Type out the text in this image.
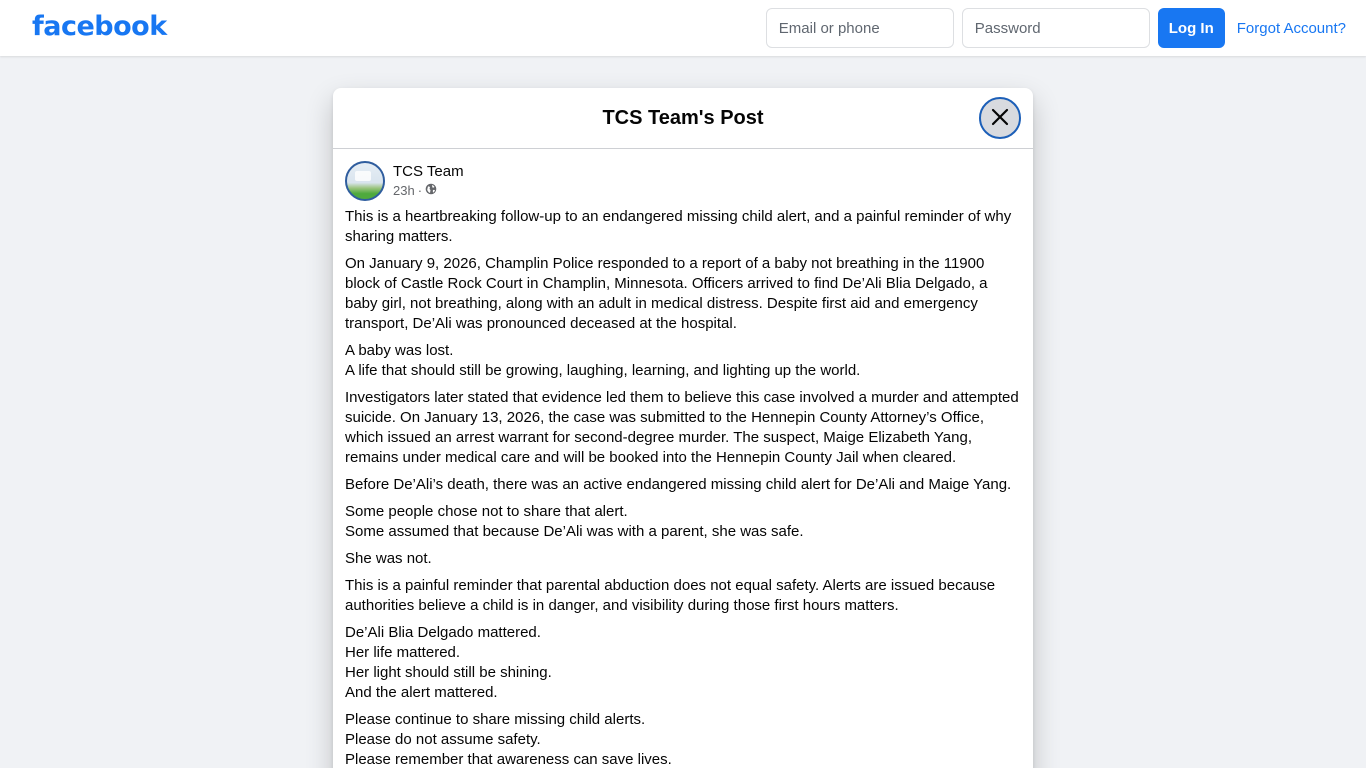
facebook
Email or phone	Log In	Forgot Account?
TCS Team's Post
TCS Team
23h ·

This is a heartbreaking follow-up to an endangered missing child alert, and a painful reminder of why sharing matters.

On January 9, 2026, Champlin Police responded to a report of a baby not breathing in the 11900 block of Castle Rock Court in Champlin, Minnesota. Officers arrived to find De’Ali Blia Delgado, a baby girl, not breathing, along with an adult in medical distress. Despite first aid and emergency transport, De’Ali was pronounced deceased at the hospital.

A baby was lost.
A life that should still be growing, laughing, learning, and lighting up the world.

Investigators later stated that evidence led them to believe this case involved a murder and attempted suicide. On January 13, 2026, the case was submitted to the Hennepin County Attorney’s Office, which issued an arrest warrant for second-degree murder. The suspect, Maige Elizabeth Yang, remains under medical care and will be booked into the Hennepin County Jail when cleared.

Before De’Ali’s death, there was an active endangered missing child alert for De’Ali and Maige Yang.

Some people chose not to share that alert.
Some assumed that because De’Ali was with a parent, she was safe.

She was not.

This is a painful reminder that parental abduction does not equal safety. Alerts are issued because authorities believe a child is in danger, and visibility during those first hours matters.

De’Ali Blia Delgado mattered.
Her life mattered.
Her light should still be shining.
And the alert mattered.

Please continue to share missing child alerts.
Please do not assume safety.
Please remember that awareness can save lives.
